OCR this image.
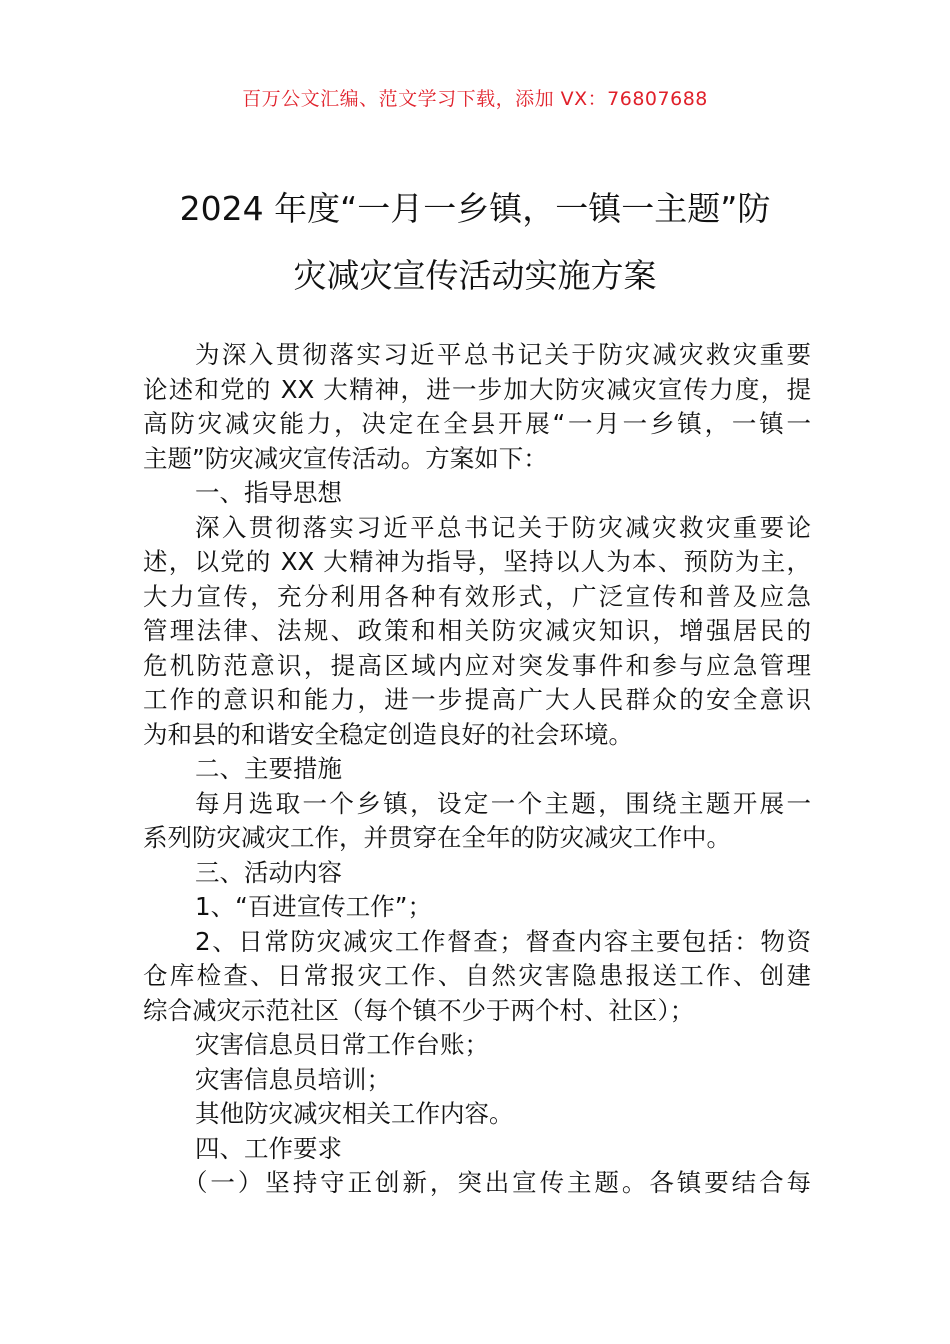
百万公文汇编、范文学习下载，添加 VX：76807688
2024 年度“一月一乡镇，一镇一主题”防
灾减灾宣传活动实施方案
为深入贯彻落实习近平总书记关于防灾减灾救灾重要
论述和党的 XX 大精神，进一步加大防灾减灾宣传力度，提
高防灾减灾能力，决定在全县开展“一月一乡镇，一镇一
主题”防灾减灾宣传活动。方案如下：
一、指导思想
深入贯彻落实习近平总书记关于防灾减灾救灾重要论
述，以党的 XX 大精神为指导，坚持以人为本、预防为主，
大力宣传，充分利用各种有效形式，广泛宣传和普及应急
管理法律、法规、政策和相关防灾减灾知识，增强居民的
危机防范意识，提高区域内应对突发事件和参与应急管理
工作的意识和能力，进一步提高广大人民群众的安全意识
为和县的和谐安全稳定创造良好的社会环境。
二、主要措施
每月选取一个乡镇，设定一个主题，围绕主题开展一
系列防灾减灾工作，并贯穿在全年的防灾减灾工作中。
三、活动内容
1、“百进宣传工作”；
2、日常防灾减灾工作督查；督查内容主要包括：物资
仓库检查、日常报灾工作、自然灾害隐患报送工作、创建
综合减灾示范社区（每个镇不少于两个村、社区）；
灾害信息员日常工作台账；
灾害信息员培训；
其他防灾减灾相关工作内容。
四、工作要求
（一）坚持守正创新，突出宣传主题。各镇要结合每
